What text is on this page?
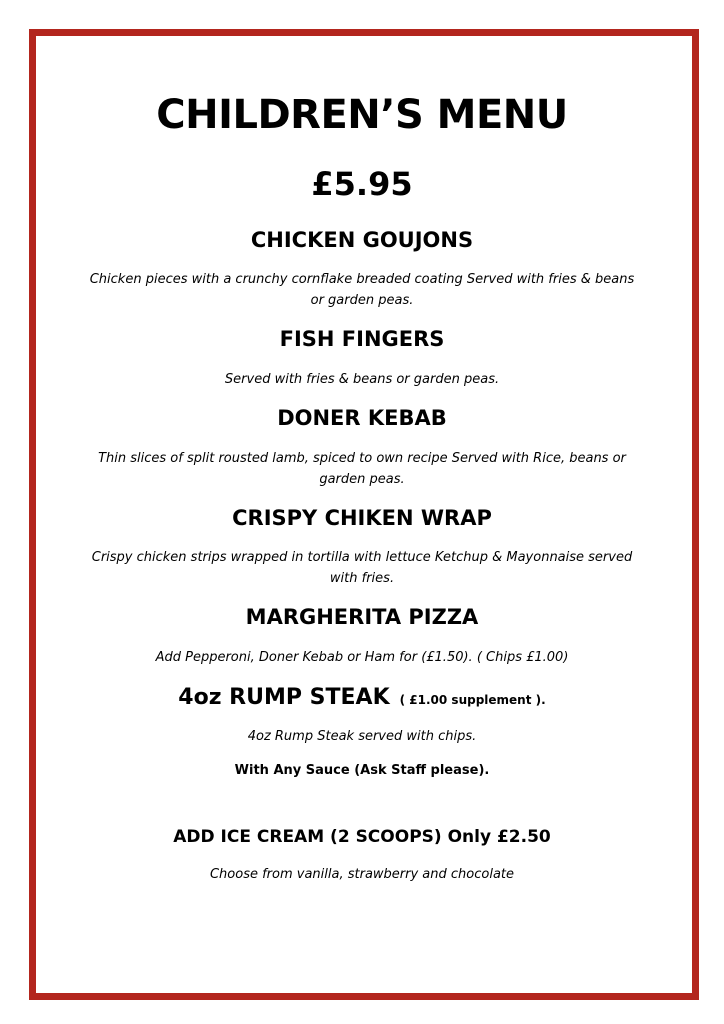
CHILDREN’S MENU
£5.95
CHICKEN GOUJONS

Chicken pieces with a crunchy cornflake breaded coating Served with fries & beans or garden peas.

FISH FINGERS

Served with fries & beans or garden peas.

DONER KEBAB

Thin slices of split rousted lamb, spiced to own recipe Served with Rice, beans or garden peas.

CRISPY CHIKEN WRAP

Crispy chicken strips wrapped in tortilla with lettuce Ketchup & Mayonnaise served with fries.

MARGHERITA PIZZA

Add Pepperoni, Doner Kebab or Ham for (£1.50). ( Chips £1.00)

4oz RUMP STEAK ( £1.00 supplement ).

4oz Rump Steak served with chips.

With Any Sauce (Ask Staff please).
ADD ICE CREAM (2 SCOOPS) Only £2.50

Choose from vanilla, strawberry and chocolate
